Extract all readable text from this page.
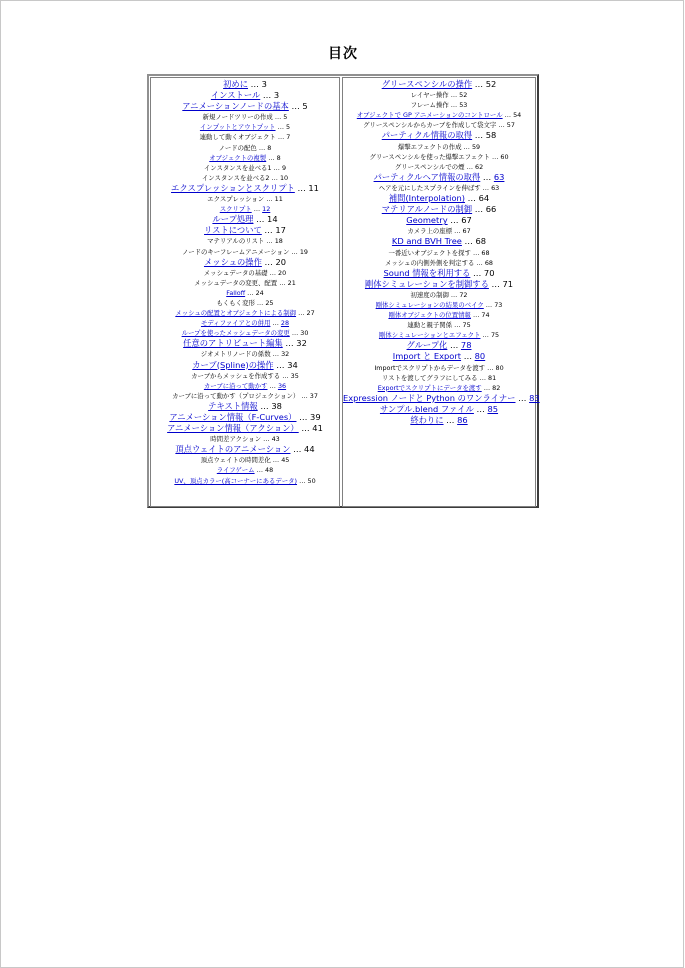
目次
初めに … 3
インストール … 3
アニメーションノードの基本 … 5
新規ノードツリーの作成 … 5
インプットとアウトプット … 5
連動して動くオブジェクト … 7
ノードの配色 … 8
オブジェクトの複製 … 8
インスタンスを並べる1 … 9
インスタンスを並べる2 … 10
エクスプレッションとスクリプト … 11
エクスプレッション … 11
スクリプト … 12
ループ処理 … 14
リストについて … 17
マテリアルのリスト … 18
ノードのキーフレームアニメーション … 19
メッシュの操作 … 20
メッシュデータの基礎 … 20
メッシュデータの変更、配置 … 21
Falloff … 24
もくもく変形 … 25
メッシュの配置とオブジェクトによる制御 … 27
モディファイアとの併用 … 28
ループを使ったメッシュデータの変更 … 30
任意のアトリビュート編集 … 32
ジオメトリノードの係数 … 32
カーブ(Spline)の操作 … 34
カーブからメッシュを作成する … 35
カーブに沿って動かす … 36
カーブに沿って動かす（プロジェクション） … 37
テキスト情報 … 38
アニメーション情報（F-Curves） … 39
アニメーション情報（アクション） … 41
時間差アクション … 43
頂点ウェイトのアニメーション … 44
頂点ウェイトの時間差化 … 45
ライフゲーム … 48
UV、頂点カラー(高コーナーにあるデータ) … 50
グリースペンシルの操作 … 52
レイヤー操作 … 52
フレーム操作 … 53
オブジェクトで GP アニメーションのコントロール … 54
グリースペンシルからカーブを作成して袋文字 … 57
パーティクル情報の取得 … 58
爆撃エフェクトの作成 … 59
グリースペンシルを使った爆撃エフェクト … 60
グリースペンシルでの煙 … 62
パーティクルヘア情報の取得 … 63
ヘアを元にしたスプラインを伸ばす … 63
補間(Interpolation) … 64
マテリアルノードの制御 … 66
Geometry … 67
カメラ上の座標 … 67
KD and BVH Tree … 68
一番近いオブジェクトを探す … 68
メッシュの内側外側を判定する … 68
Sound 情報を利用する … 70
剛体シミュレーションを制御する … 71
初速度の制御 … 72
剛体シミュレーションの結果のベイク … 73
剛体オブジェクトの位置情報 … 74
連動と親子関係 … 75
剛体シミュレーションとエフェクト … 75
グループ化 … 78
Import と Export … 80
Importでスクリプトからデータを渡す … 80
リストを渡してグラフにしてみる … 81
Exportでスクリプトにデータを渡す … 82
Expression ノードと Python のワンライナー … 83
サンプル.blend ファイル … 85
終わりに … 86
